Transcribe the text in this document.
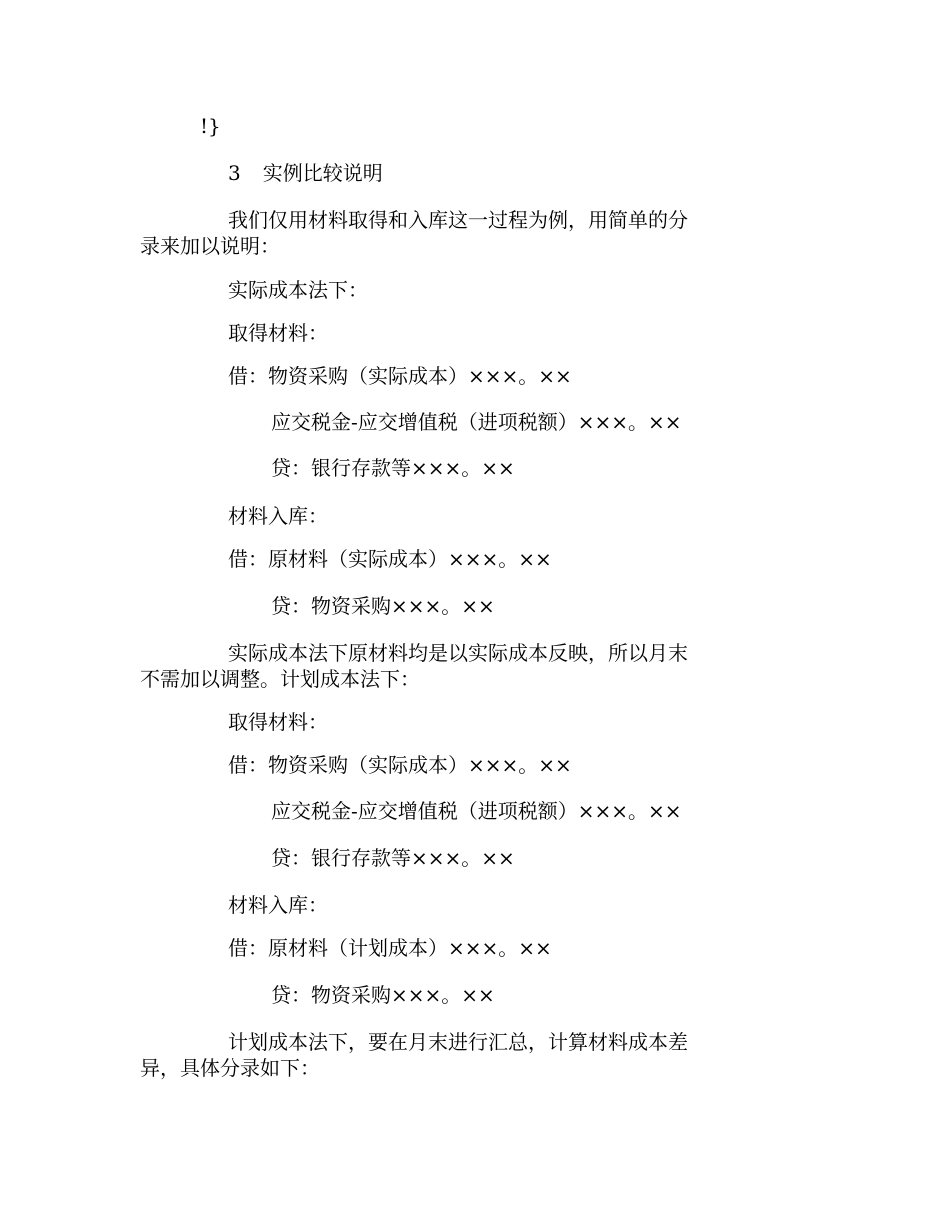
!}
3 实例比较说明
我们仅用材料取得和入库这一过程为例，用简单的分
录来加以说明：
实际成本法下：
取得材料：
借：物资采购（实际成本）×××。××
应交税金-应交增值税（进项税额）×××。××
贷：银行存款等×××。××
材料入库：
借：原材料（实际成本）×××。××
贷：物资采购×××。××
实际成本法下原材料均是以实际成本反映，所以月末
不需加以调整。计划成本法下：
取得材料：
借：物资采购（实际成本）×××。××
应交税金-应交增值税（进项税额）×××。××
贷：银行存款等×××。××
材料入库：
借：原材料（计划成本）×××。××
贷：物资采购×××。××
计划成本法下，要在月末进行汇总，计算材料成本差
异，具体分录如下：
